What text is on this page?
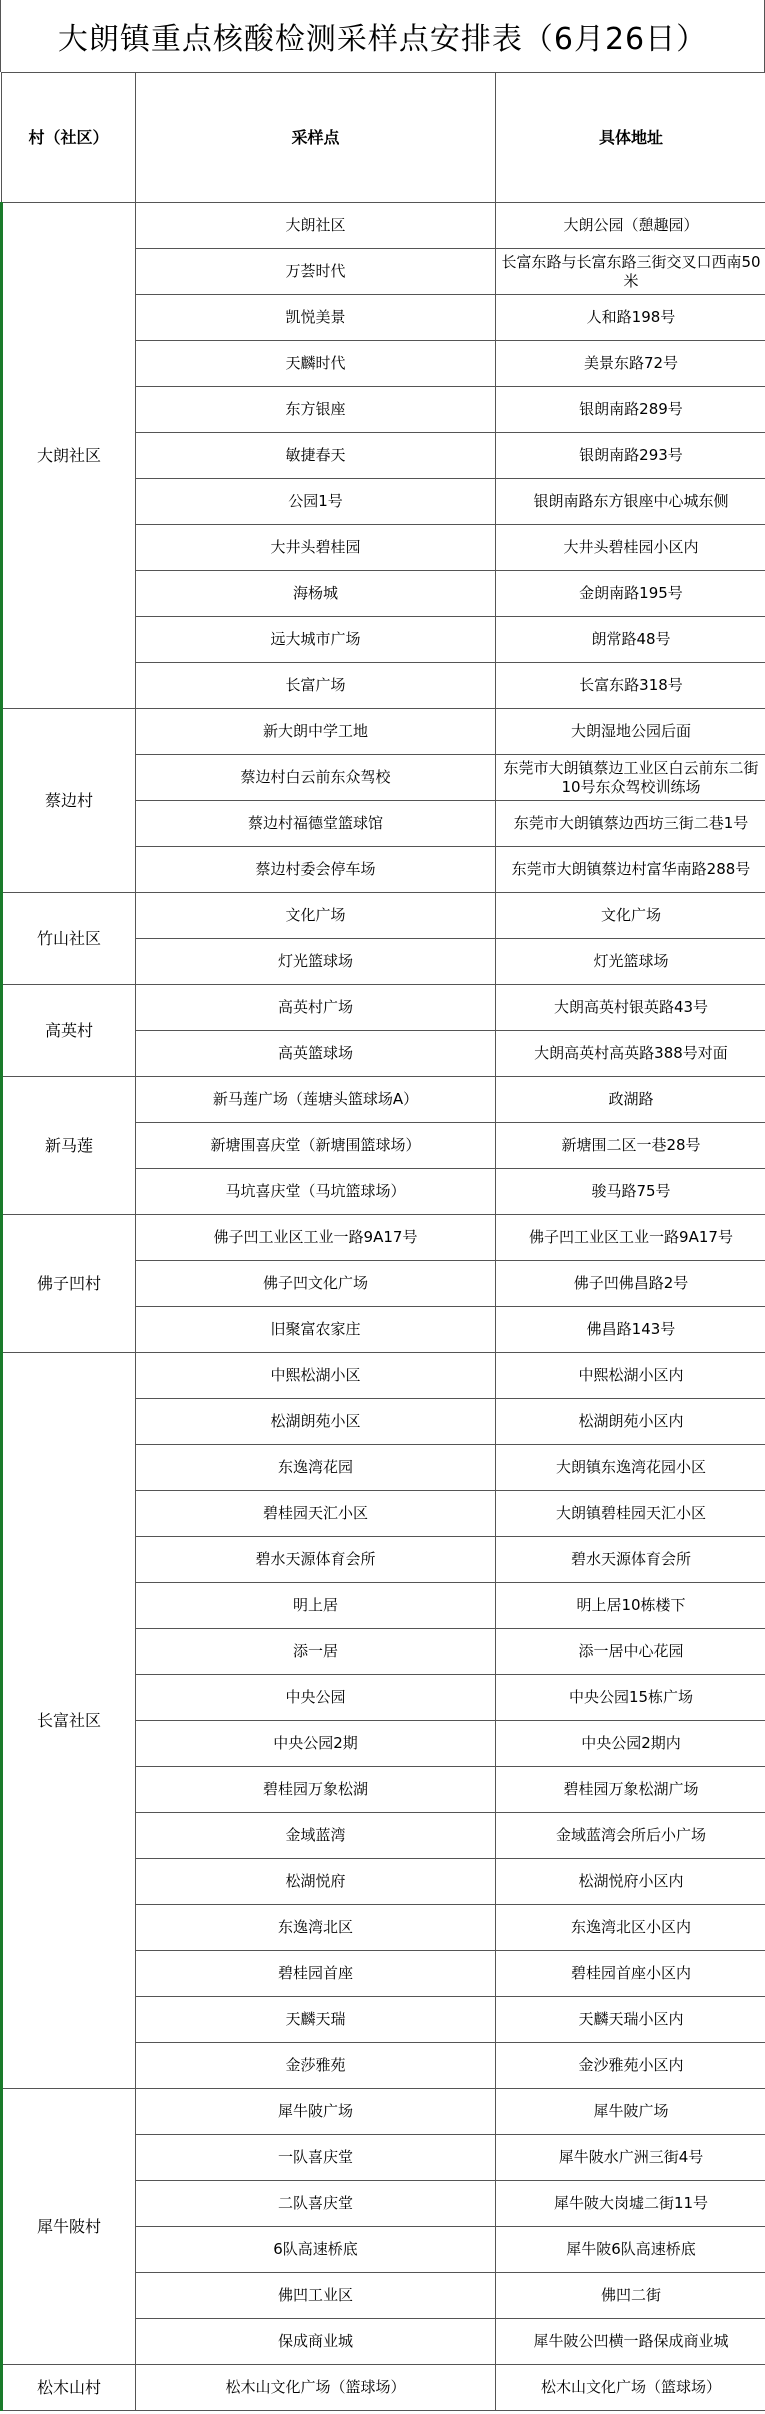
大朗镇重点核酸检测采样点安排表（6月26日）
村（社区）	采样点	具体地址
大朗社区	大朗社区	大朗公园（憩趣园）
	万荟时代	长富东路与长富东路三街交叉口西南50米
	凯悦美景	人和路198号
	天麟时代	美景东路72号
	东方银座	银朗南路289号
	敏捷春天	银朗南路293号
	公园1号	银朗南路东方银座中心城东侧
	大井头碧桂园	大井头碧桂园小区内
	海杨城	金朗南路195号
	远大城市广场	朗常路48号
	长富广场	长富东路318号
蔡边村	新大朗中学工地	大朗湿地公园后面
	蔡边村白云前东众驾校	东莞市大朗镇蔡边工业区白云前东二街10号东众驾校训练场
	蔡边村福德堂篮球馆	东莞市大朗镇蔡边西坊三街二巷1号
	蔡边村委会停车场	东莞市大朗镇蔡边村富华南路288号
竹山社区	文化广场	文化广场
	灯光篮球场	灯光篮球场
高英村	高英村广场	大朗高英村银英路43号
	高英篮球场	大朗高英村高英路388号对面
新马莲	新马莲广场（莲塘头篮球场A）	政湖路
	新塘围喜庆堂（新塘围篮球场）	新塘围二区一巷28号
	马坑喜庆堂（马坑篮球场）	骏马路75号
佛子凹村	佛子凹工业区工业一路9A17号	佛子凹工业区工业一路9A17号
	佛子凹文化广场	佛子凹佛昌路2号
	旧聚富农家庄	佛昌路143号
长富社区	中熙松湖小区	中熙松湖小区内
	松湖朗苑小区	松湖朗苑小区内
	东逸湾花园	大朗镇东逸湾花园小区
	碧桂园天汇小区	大朗镇碧桂园天汇小区
	碧水天源体育会所	碧水天源体育会所
	明上居	明上居10栋楼下
	添一居	添一居中心花园
	中央公园	中央公园15栋广场
	中央公园2期	中央公园2期内
	碧桂园万象松湖	碧桂园万象松湖广场
	金域蓝湾	金域蓝湾会所后小广场
	松湖悦府	松湖悦府小区内
	东逸湾北区	东逸湾北区小区内
	碧桂园首座	碧桂园首座小区内
	天麟天瑞	天麟天瑞小区内
	金莎雅苑	金沙雅苑小区内
犀牛陂村	犀牛陂广场	犀牛陂广场
	一队喜庆堂	犀牛陂水广洲三街4号
	二队喜庆堂	犀牛陂大岗墟二街11号
	6队高速桥底	犀牛陂6队高速桥底
	佛凹工业区	佛凹二街
	保成商业城	犀牛陂公凹横一路保成商业城
松木山村	松木山文化广场（篮球场）	松木山文化广场（篮球场）
